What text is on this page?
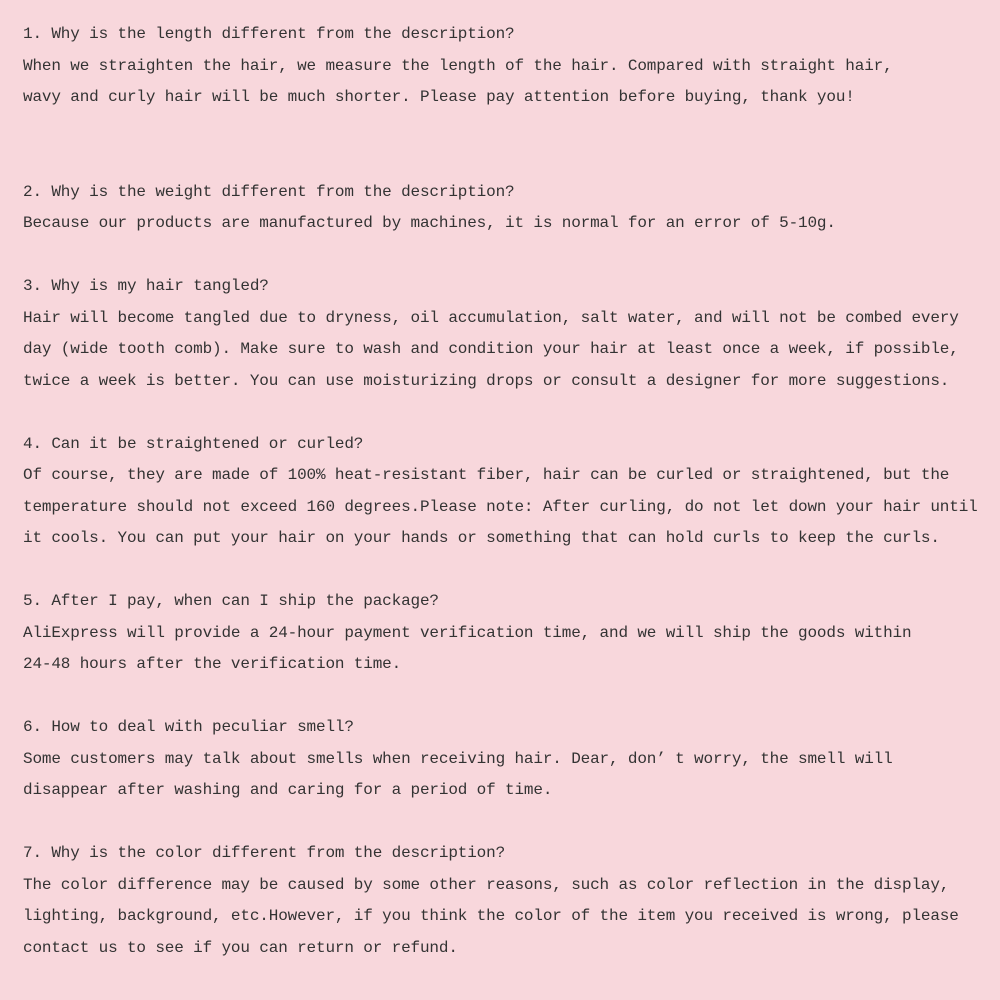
1. Why is the length different from the description?

When we straighten the hair, we measure the length of the hair. Compared with straight hair,

wavy and curly hair will be much shorter. Please pay attention before buying, thank you!

2. Why is the weight different from the description?

Because our products are manufactured by machines, it is normal for an error of 5-10g.

3. Why is my hair tangled?

Hair will become tangled due to dryness, oil accumulation, salt water, and will not be combed every

day (wide tooth comb). Make sure to wash and condition your hair at least once a week, if possible,

twice a week is better. You can use moisturizing drops or consult a designer for more suggestions.

4. Can it be straightened or curled?

Of course, they are made of 100% heat-resistant fiber, hair can be curled or straightened, but the

temperature should not exceed 160 degrees.Please note: After curling, do not let down your hair until

it cools. You can put your hair on your hands or something that can hold curls to keep the curls.

5. After I pay, when can I ship the package?

AliExpress will provide a 24-hour payment verification time, and we will ship the goods within

24-48 hours after the verification time.

6. How to deal with peculiar smell?

Some customers may talk about smells when receiving hair. Dear, don’ t worry, the smell will

disappear after washing and caring for a period of time.

7. Why is the color different from the description?

The color difference may be caused by some other reasons, such as color reflection in the display,

lighting, background, etc.However, if you think the color of the item you received is wrong, please

contact us to see if you can return or refund.
